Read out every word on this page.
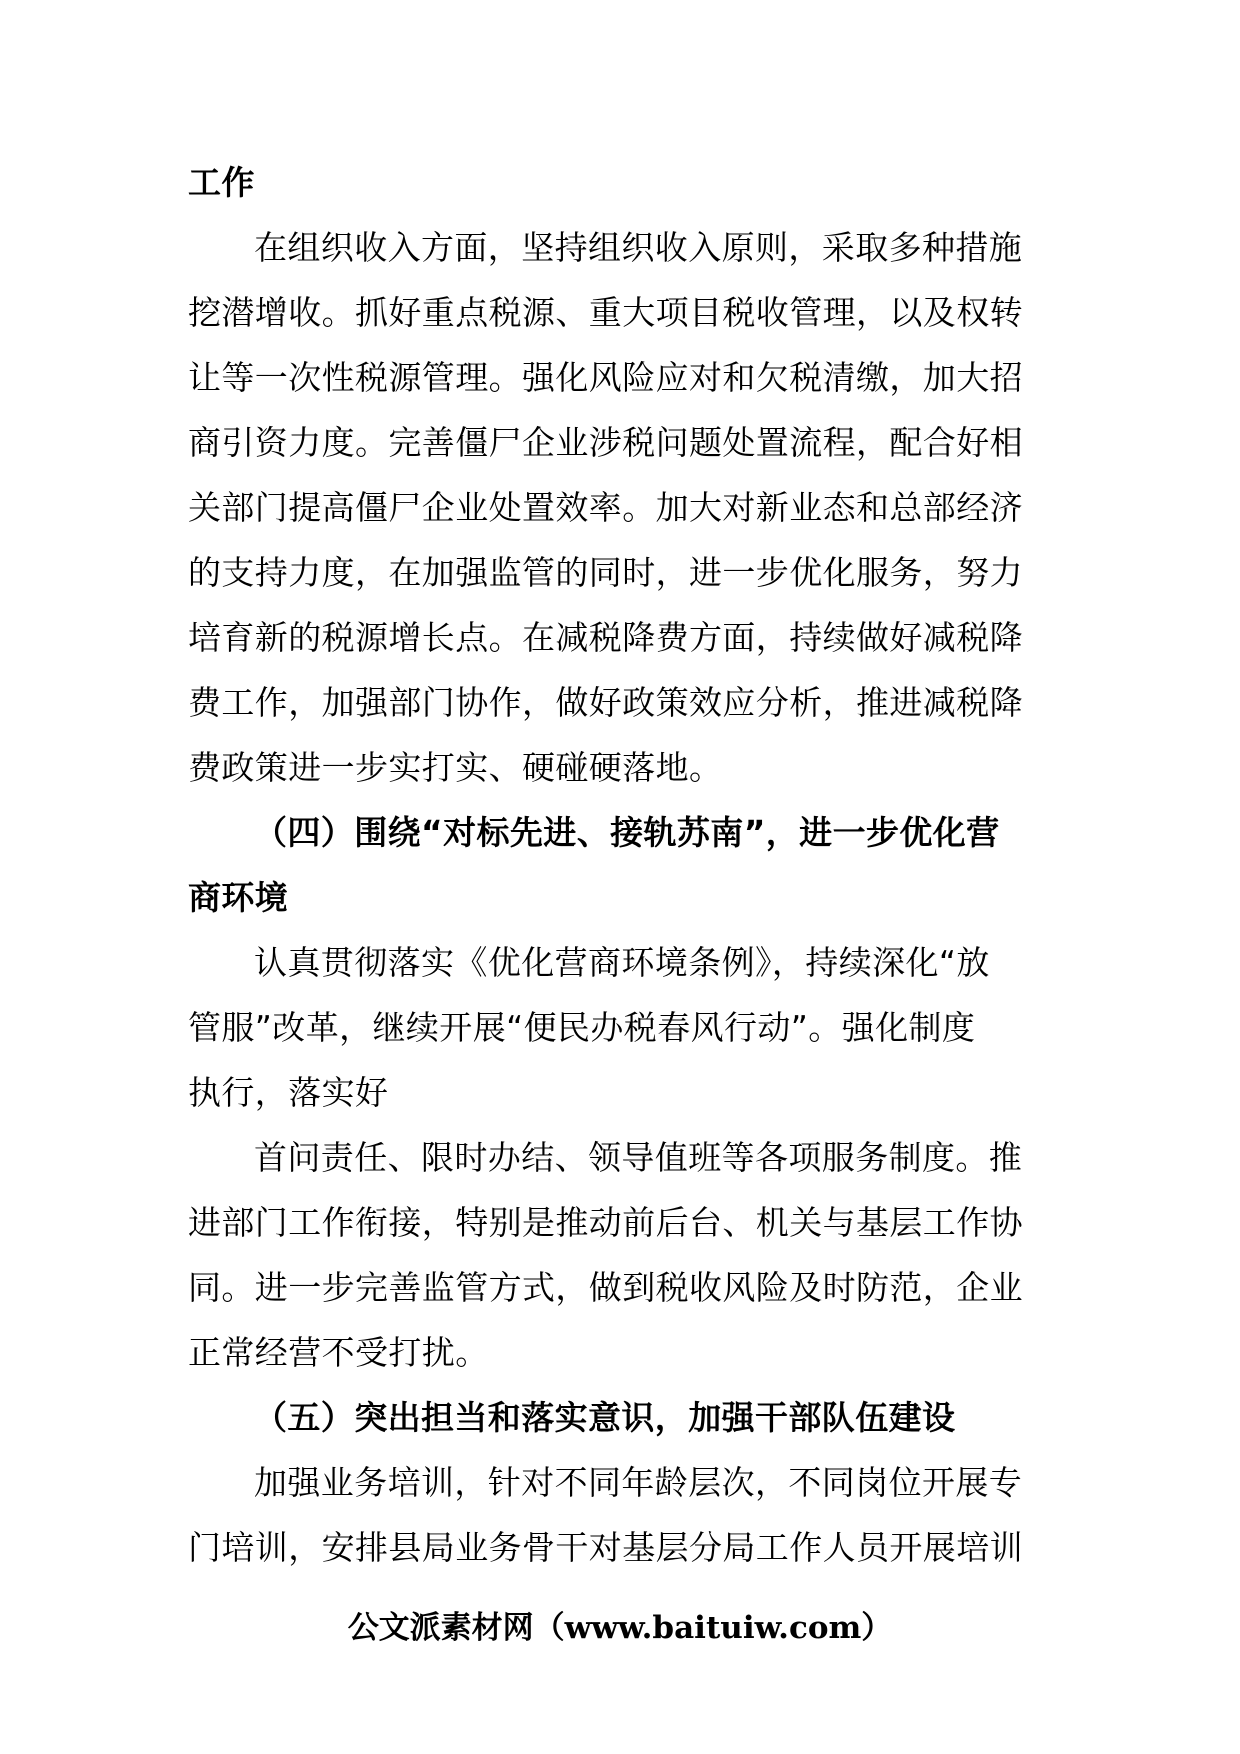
工作
在组织收入方面，坚持组织收入原则，采取多种措施
挖潜增收。抓好重点税源、重大项目税收管理，以及权转
让等一次性税源管理。强化风险应对和欠税清缴，加大招
商引资力度。完善僵尸企业涉税问题处置流程，配合好相
关部门提高僵尸企业处置效率。加大对新业态和总部经济
的支持力度，在加强监管的同时，进一步优化服务，努力
培育新的税源增长点。在减税降费方面，持续做好减税降
费工作，加强部门协作，做好政策效应分析，推进减税降
费政策进一步实打实、硬碰硬落地。
（四）围绕“对标先进、接轨苏南”，进一步优化营
商环境
认真贯彻落实《优化营商环境条例》，持续深化“放
管服”改革，继续开展“便民办税春风行动”。强化制度
执行，落实好
首问责任、限时办结、领导值班等各项服务制度。推
进部门工作衔接，特别是推动前后台、机关与基层工作协
同。进一步完善监管方式，做到税收风险及时防范，企业
正常经营不受打扰。
（五）突出担当和落实意识，加强干部队伍建设
加强业务培训，针对不同年龄层次，不同岗位开展专
门培训，安排县局业务骨干对基层分局工作人员开展培训
公文派素材网（www.baituiw.com）
